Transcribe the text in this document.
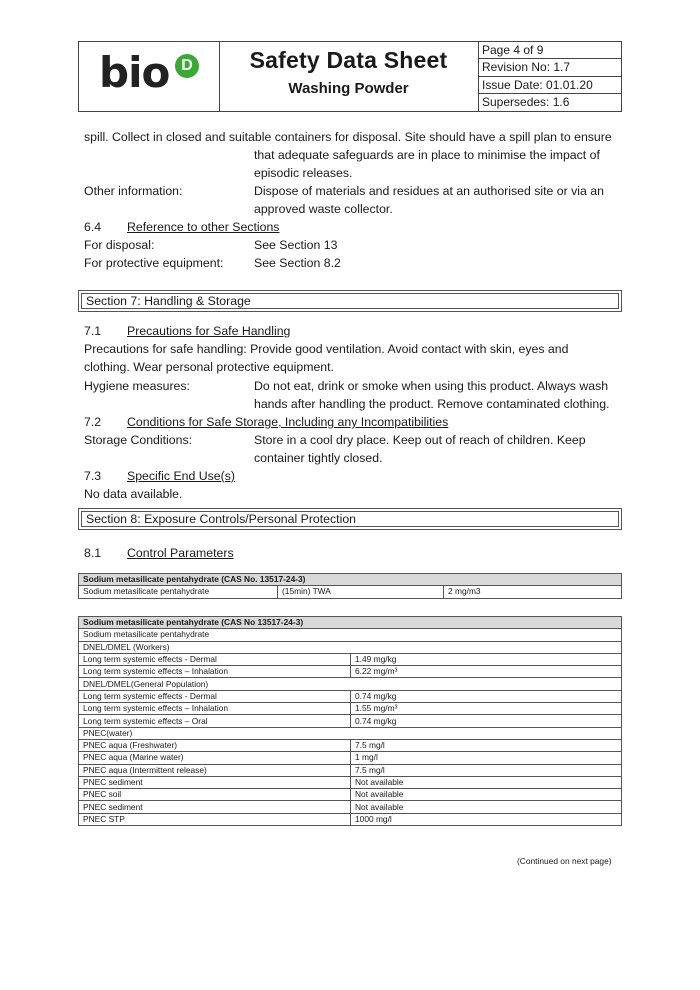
bio D	Safety Data Sheet
Washing Powder
Page 4 of 9
Revision No: 1.7
Issue Date: 01.01.20
Supersedes: 1.6
spill. Collect in closed and suitable containers for disposal. Site should have a spill plan to ensure
that adequate safeguards are in place to minimise the impact of
episodic releases.
Other information:	Dispose of materials and residues at an authorised site or via an
approved waste collector.
6.4 Reference to other Sections
For disposal:	See Section 13
For protective equipment: See Section 8.2
Section 7: Handling & Storage
7.1 Precautions for Safe Handling
Precautions for safe handling: Provide good ventilation. Avoid contact with skin, eyes and
clothing. Wear personal protective equipment.
Hygiene measures:	Do not eat, drink or smoke when using this product. Always wash
hands after handling the product. Remove contaminated clothing.
7.2 Conditions for Safe Storage, Including any Incompatibilities
Storage Conditions:	Store in a cool dry place. Keep out of reach of children. Keep
container tightly closed.
7.3 Specific End Use(s)
No data available.
Section 8: Exposure Controls/Personal Protection
8.1 Control Parameters
Sodium metasilicate pentahydrate (CAS No. 13517-24-3)
Sodium metasilicate pentahydrate	(15min) TWA	2 mg/m3
Sodium metasilicate pentahydrate (CAS No 13517-24-3)	
Sodium metasilicate pentahydrate	
DNEL/DMEL (Workers)	
Long term systemic effects - Dermal	1.49 mg/kg
Long term systemic effects – Inhalation	6.22 mg/m³
DNEL/DMEL(General Population)	
Long term systemic effects - Dermal	0.74 mg/kg
Long term systemic effects – Inhalation	1.55 mg/m³
Long term systemic effects – Oral	0.74 mg/kg
PNEC(water)	
PNEC aqua (Freshwater)	7.5 mg/l
PNEC aqua (Marine water)	1 mg/l
PNEC aqua (Intermittent release)	7.5 mg/l
PNEC sediment	Not available
PNEC soil	Not available
PNEC sediment	Not available
PNEC STP	1000 mg/l
(Continued on next page)
